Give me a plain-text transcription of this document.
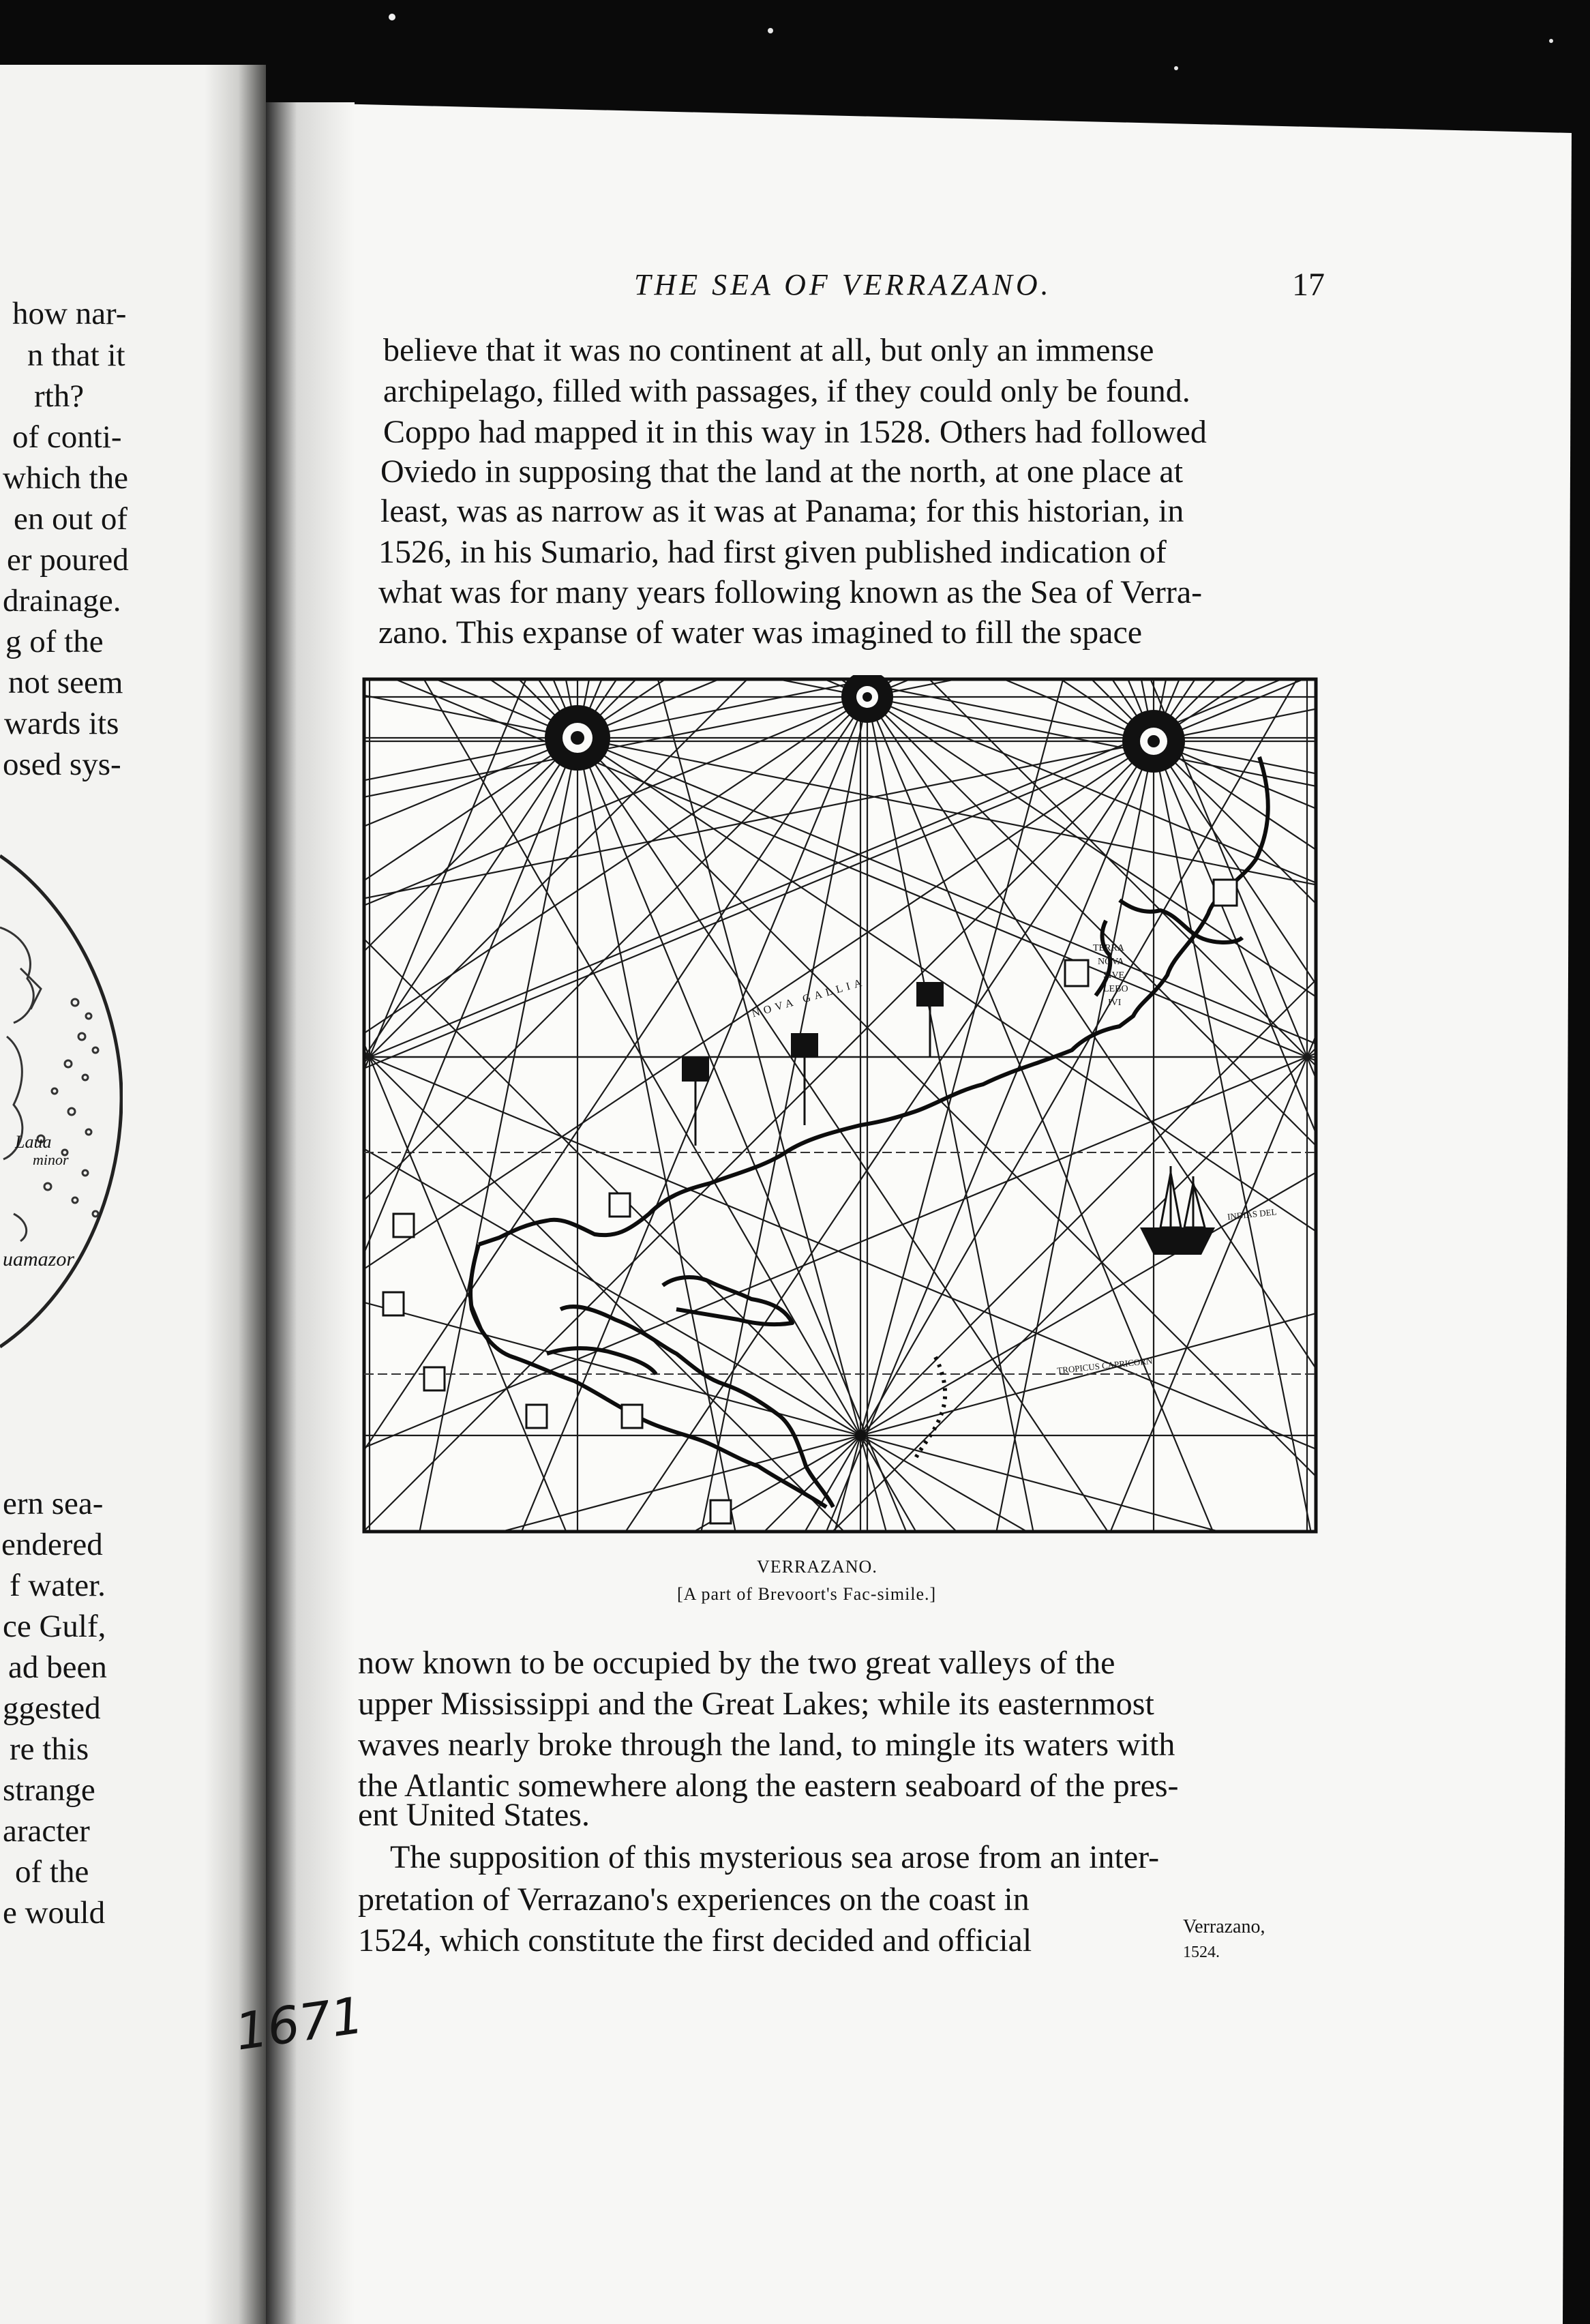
how nar-
n that it
rth?
of conti-
which the
en out of
er poured
drainage.
g of the
not seem
wards its
osed sys-
Laua
minor
uamazor
ern sea-
endered
f water.
ce Gulf,
ad been
ggested
re this
strange
aracter
of the
e would
THE SEA OF VERRAZANO.	17
believe that it was no continent at all, but only an immense
archipelago, filled with passages, if they could only be found.
Coppo had mapped it in this way in 1528. Others had followed
Oviedo in supposing that the land at the north, at one place at
least, was as narrow as it was at Panama; for this historian, in
1526, in his Sumario, had first given published indication of
what was for many years following known as the Sea of Verra-
zano. This expanse of water was imagined to fill the space
TERRA
NOVA
SIVE
LEBO
IVI
INDIAS DEL
TROPICUS CAPRICORN
NOVA GALLIA
VERRAZANO.
[A part of Brevoort's Fac-simile.]
now known to be occupied by the two great valleys of the
upper Mississippi and the Great Lakes; while its easternmost
waves nearly broke through the land, to mingle its waters with
the Atlantic somewhere along the eastern seaboard of the pres-
ent United States.
The supposition of this mysterious sea arose from an inter-
pretation of Verrazano's experiences on the coast in
1524, which constitute the first decided and official	Verrazano,
1524.
1671
